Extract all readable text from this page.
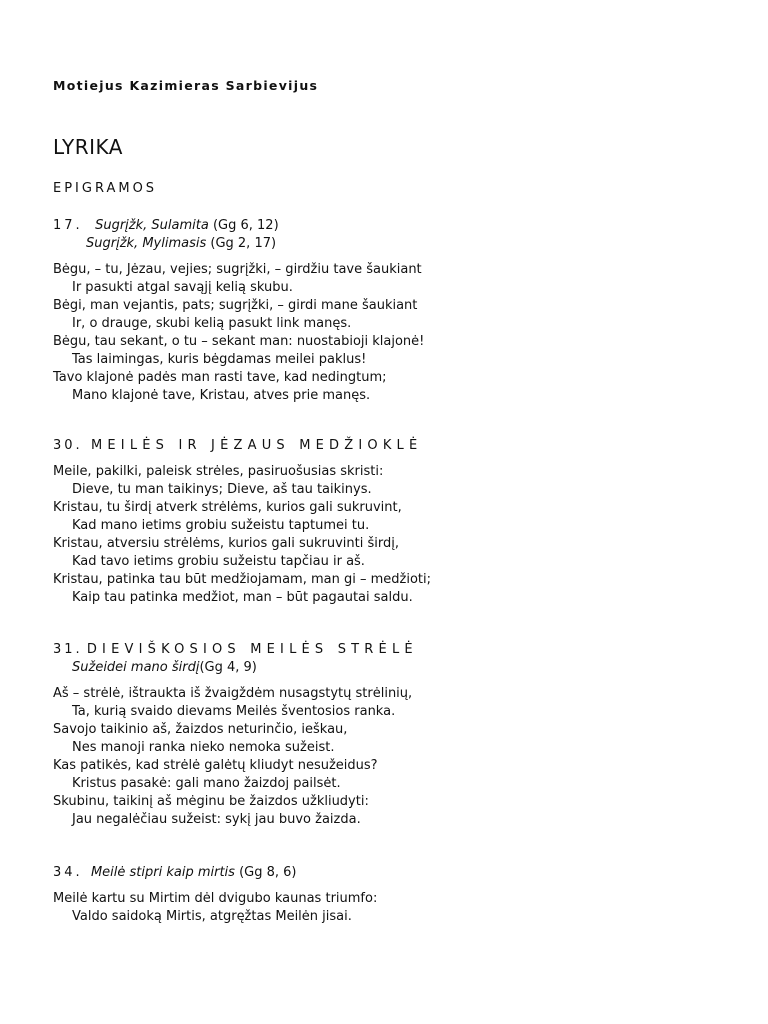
Motiejus Kazimieras Sarbievijus
LYRIKA
EPIGRAMOS
17. Sugrįžk, Sulamita (Gg 6, 12)
Sugrįžk, Mylimasis (Gg 2, 17)
Bėgu, – tu, Jėzau, vejies; sugrįžki, – girdžiu tave šaukiant
Ir pasukti atgal savąjį kelią skubu.
Bėgi, man vejantis, pats; sugrįžki, – girdi mane šaukiant
Ir, o drauge, skubi kelią pasukt link manęs.
Bėgu, tau sekant, o tu – sekant man: nuostabioji klajonė!
Tas laimingas, kuris bėgdamas meilei paklus!
Tavo klajonė padės man rasti tave, kad nedingtum;
Mano klajonė tave, Kristau, atves prie manęs.
30. MEILĖS IR JĖZAUS MEDŽIOKLĖ
Meile, pakilki, paleisk strėles, pasiruošusias skristi:
Dieve, tu man taikinys; Dieve, aš tau taikinys.
Kristau, tu širdį atverk strėlėms, kurios gali sukruvint,
Kad mano ietims grobiu sužeistu taptumei tu.
Kristau, atversiu strėlėms, kurios gali sukruvinti širdį,
Kad tavo ietims grobiu sužeistu tapčiau ir aš.
Kristau, patinka tau būt medžiojamam, man gi – medžioti;
Kaip tau patinka medžiot, man – būt pagautai saldu.
31. DIEVIŠKOSIOS MEILĖS STRĖLĖ
Sužeidei mano širdį(Gg 4, 9)
Aš – strėlė, ištraukta iš žvaigždėm nusagstytų strėlinių,
Ta, kurią svaido dievams Meilės šventosios ranka.
Savojo taikinio aš, žaizdos neturinčio, ieškau,
Nes manoji ranka nieko nemoka sužeist.
Kas patikės, kad strėlė galėtų kliudyt nesužeidus?
Kristus pasakė: gali mano žaizdoj pailsėt.
Skubinu, taikinį aš mėginu be žaizdos užkliudyti:
Jau negalėčiau sužeist: sykį jau buvo žaizda.
34. Meilė stipri kaip mirtis (Gg 8, 6)
Meilė kartu su Mirtim dėl dvigubo kaunas triumfo:
Valdo saidoką Mirtis, atgręžtas Meilėn jisai.
